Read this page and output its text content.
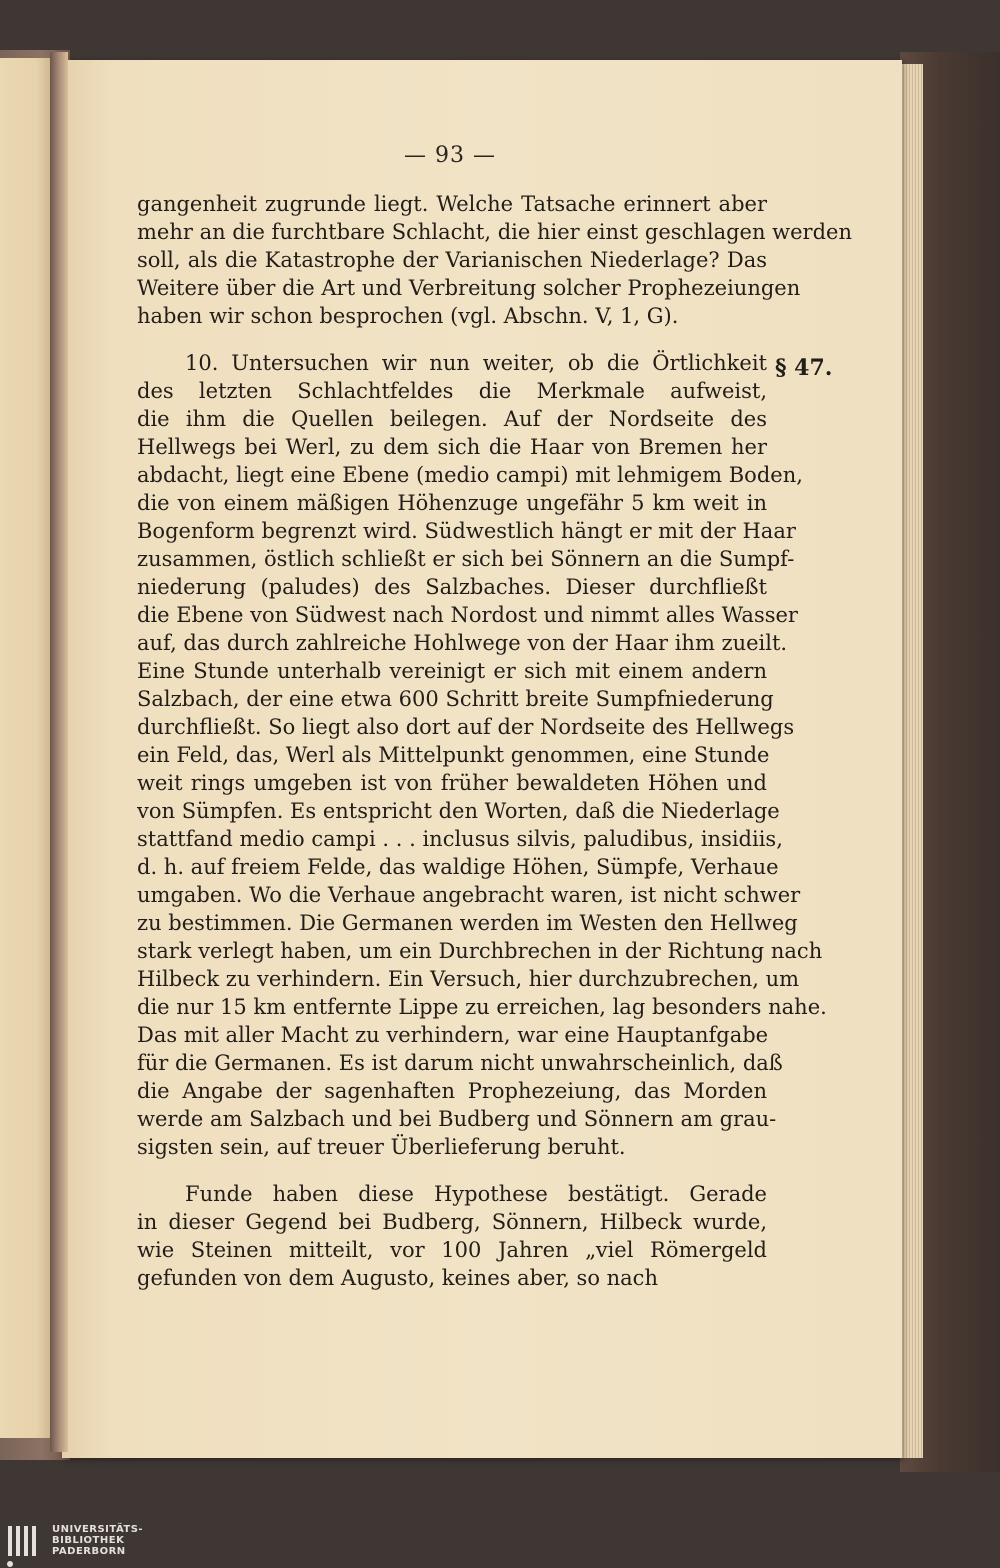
— 93 —
§ 47.
gangenheit zugrunde liegt. Welche Tatsache erinnert aber
mehr an die furchtbare Schlacht, die hier einst geschlagen werden
soll, als die Katastrophe der Varianischen Niederlage? Das
Weitere über die Art und Verbreitung solcher Prophezeiungen
haben wir schon besprochen (vgl. Abschn. V, 1, G).
10. Untersuchen wir nun weiter, ob die Örtlichkeit
des letzten Schlachtfeldes die Merkmale aufweist,
die ihm die Quellen beilegen. Auf der Nordseite des
Hellwegs bei Werl, zu dem sich die Haar von Bremen her
abdacht, liegt eine Ebene (medio campi) mit lehmigem Boden,
die von einem mäßigen Höhenzuge ungefähr 5 km weit in
Bogenform begrenzt wird. Südwestlich hängt er mit der Haar
zusammen, östlich schließt er sich bei Sönnern an die Sumpf-
niederung (paludes) des Salzbaches. Dieser durchfließt
die Ebene von Südwest nach Nordost und nimmt alles Wasser
auf, das durch zahlreiche Hohlwege von der Haar ihm zueilt.
Eine Stunde unterhalb vereinigt er sich mit einem andern
Salzbach, der eine etwa 600 Schritt breite Sumpfniederung
durchfließt. So liegt also dort auf der Nordseite des Hellwegs
ein Feld, das, Werl als Mittelpunkt genommen, eine Stunde
weit rings umgeben ist von früher bewaldeten Höhen und
von Sümpfen. Es entspricht den Worten, daß die Niederlage
stattfand medio campi . . . inclusus silvis, paludibus, insidiis,
d. h. auf freiem Felde, das waldige Höhen, Sümpfe, Verhaue
umgaben. Wo die Verhaue angebracht waren, ist nicht schwer
zu bestimmen. Die Germanen werden im Westen den Hellweg
stark verlegt haben, um ein Durchbrechen in der Richtung nach
Hilbeck zu verhindern. Ein Versuch, hier durchzubrechen, um
die nur 15 km entfernte Lippe zu erreichen, lag besonders nahe.
Das mit aller Macht zu verhindern, war eine Hauptanfgabe
für die Germanen. Es ist darum nicht unwahrscheinlich, daß
die Angabe der sagenhaften Prophezeiung, das Morden
werde am Salzbach und bei Budberg und Sönnern am grau-
sigsten sein, auf treuer Überlieferung beruht.
Funde haben diese Hypothese bestätigt. Gerade
in dieser Gegend bei Budberg, Sönnern, Hilbeck wurde,
wie Steinen mitteilt, vor 100 Jahren „viel Römergeld
gefunden von dem Augusto, keines aber, so nach
UNIVERSITÄTS-
BIBLIOTHEK
PADERBORN
